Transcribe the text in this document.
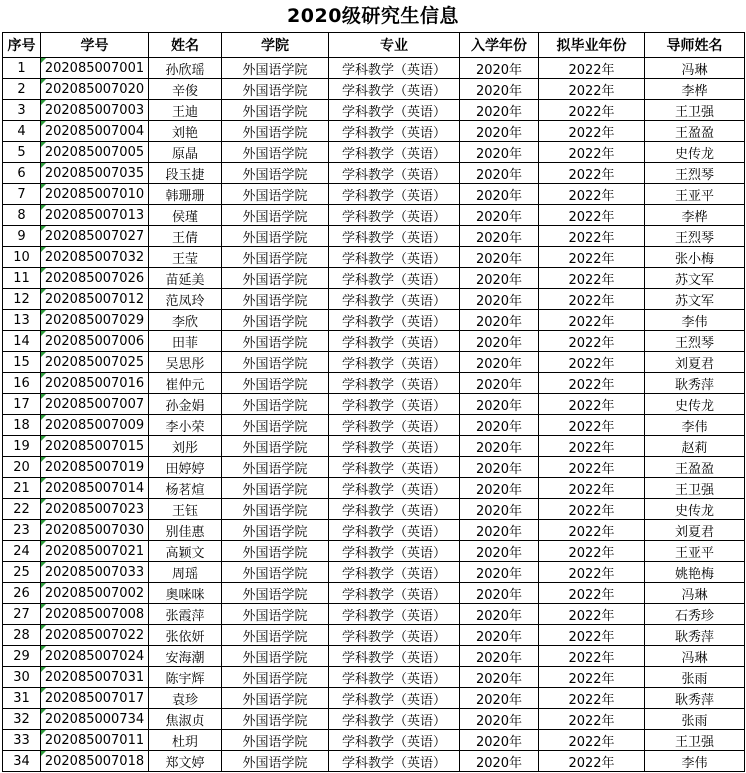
2020级研究生信息
序号	学号	姓名	学院	专业	入学年份	拟毕业年份	导师姓名
1	202085007001	孙欣瑶	外国语学院	学科教学（英语）	2020年	2022年	冯琳
2	202085007020	辛俊	外国语学院	学科教学（英语）	2020年	2022年	李桦
3	202085007003	王迪	外国语学院	学科教学（英语）	2020年	2022年	王卫强
4	202085007004	刘艳	外国语学院	学科教学（英语）	2020年	2022年	王盈盈
5	202085007005	原晶	外国语学院	学科教学（英语）	2020年	2022年	史传龙
6	202085007035	段玉捷	外国语学院	学科教学（英语）	2020年	2022年	王烈琴
7	202085007010	韩珊珊	外国语学院	学科教学（英语）	2020年	2022年	王亚平
8	202085007013	侯瑾	外国语学院	学科教学（英语）	2020年	2022年	李桦
9	202085007027	王倩	外国语学院	学科教学（英语）	2020年	2022年	王烈琴
10	202085007032	王莹	外国语学院	学科教学（英语）	2020年	2022年	张小梅
11	202085007026	苗延美	外国语学院	学科教学（英语）	2020年	2022年	苏文军
12	202085007012	范凤玲	外国语学院	学科教学（英语）	2020年	2022年	苏文军
13	202085007029	李欣	外国语学院	学科教学（英语）	2020年	2022年	李伟
14	202085007006	田菲	外国语学院	学科教学（英语）	2020年	2022年	王烈琴
15	202085007025	吴思彤	外国语学院	学科教学（英语）	2020年	2022年	刘夏君
16	202085007016	崔仲元	外国语学院	学科教学（英语）	2020年	2022年	耿秀萍
17	202085007007	孙金娟	外国语学院	学科教学（英语）	2020年	2022年	史传龙
18	202085007009	李小荣	外国语学院	学科教学（英语）	2020年	2022年	李伟
19	202085007015	刘彤	外国语学院	学科教学（英语）	2020年	2022年	赵莉
20	202085007019	田婷婷	外国语学院	学科教学（英语）	2020年	2022年	王盈盈
21	202085007014	杨茗煊	外国语学院	学科教学（英语）	2020年	2022年	王卫强
22	202085007023	王钰	外国语学院	学科教学（英语）	2020年	2022年	史传龙
23	202085007030	别佳惠	外国语学院	学科教学（英语）	2020年	2022年	刘夏君
24	202085007021	高颖文	外国语学院	学科教学（英语）	2020年	2022年	王亚平
25	202085007033	周瑶	外国语学院	学科教学（英语）	2020年	2022年	姚艳梅
26	202085007002	奥咪咪	外国语学院	学科教学（英语）	2020年	2022年	冯琳
27	202085007008	张霞萍	外国语学院	学科教学（英语）	2020年	2022年	石秀珍
28	202085007022	张依妍	外国语学院	学科教学（英语）	2020年	2022年	耿秀萍
29	202085007024	安海潮	外国语学院	学科教学（英语）	2020年	2022年	冯琳
30	202085007031	陈宇辉	外国语学院	学科教学（英语）	2020年	2022年	张雨
31	202085007017	袁珍	外国语学院	学科教学（英语）	2020年	2022年	耿秀萍
32	202085000734	焦淑贞	外国语学院	学科教学（英语）	2020年	2022年	张雨
33	202085007011	杜玥	外国语学院	学科教学（英语）	2020年	2022年	王卫强
34	202085007018	郑文婷	外国语学院	学科教学（英语）	2020年	2022年	李伟
